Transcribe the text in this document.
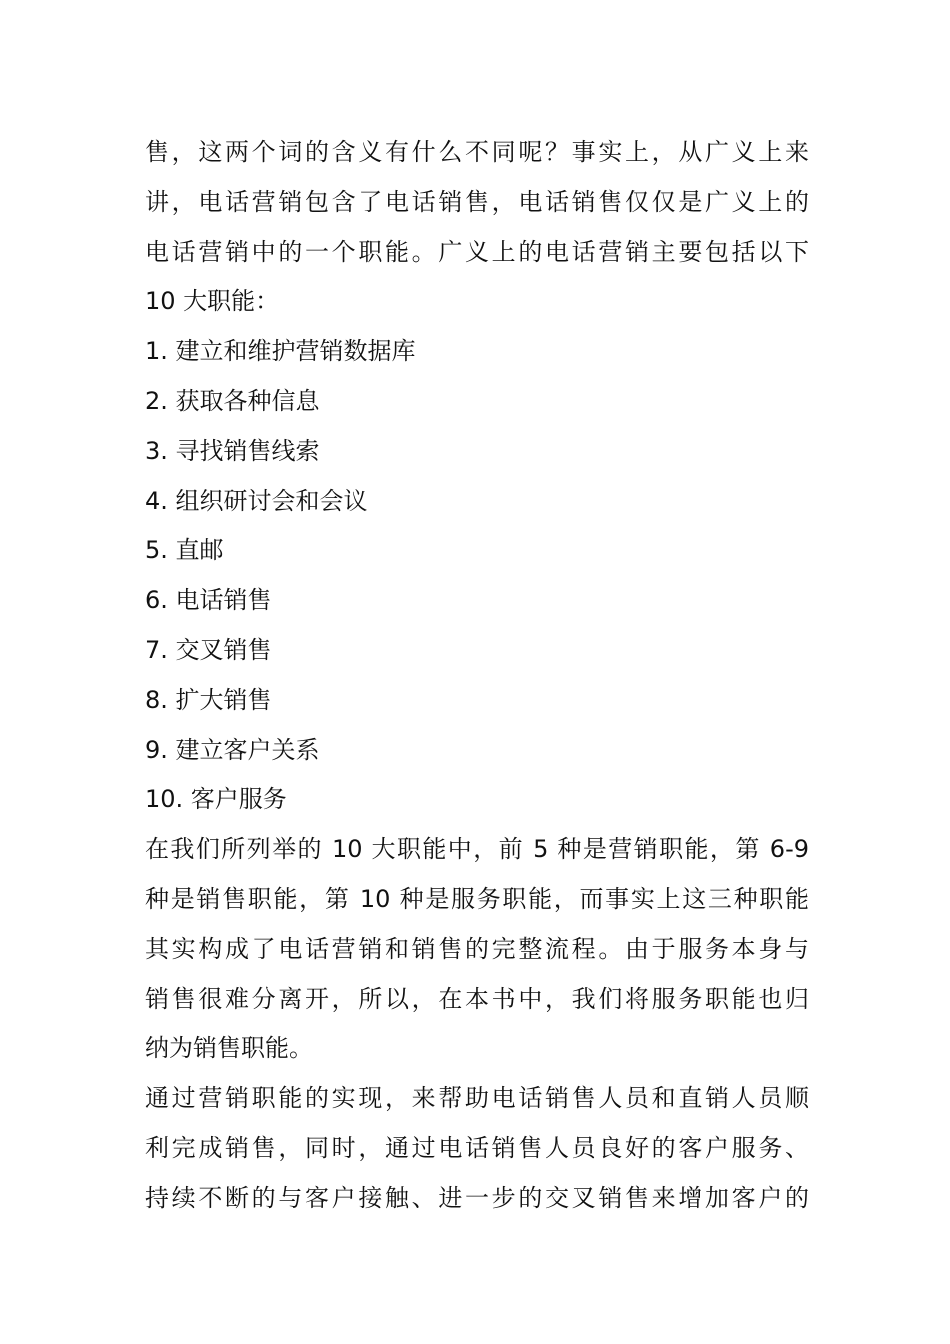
售，这两个词的含义有什么不同呢？事实上，从广义上来
讲，电话营销包含了电话销售，电话销售仅仅是广义上的
电话营销中的一个职能。广义上的电话营销主要包括以下
10 大职能：
1. 建立和维护营销数据库
2. 获取各种信息
3. 寻找销售线索
4. 组织研讨会和会议
5. 直邮
6. 电话销售
7. 交叉销售
8. 扩大销售
9. 建立客户关系
10. 客户服务
在我们所列举的 10 大职能中，前 5 种是营销职能，第 6-9
种是销售职能，第 10 种是服务职能，而事实上这三种职能
其实构成了电话营销和销售的完整流程。由于服务本身与
销售很难分离开，所以，在本书中，我们将服务职能也归
纳为销售职能。
通过营销职能的实现，来帮助电话销售人员和直销人员顺
利完成销售，同时，通过电话销售人员良好的客户服务、
持续不断的与客户接触、进一步的交叉销售来增加客户的
